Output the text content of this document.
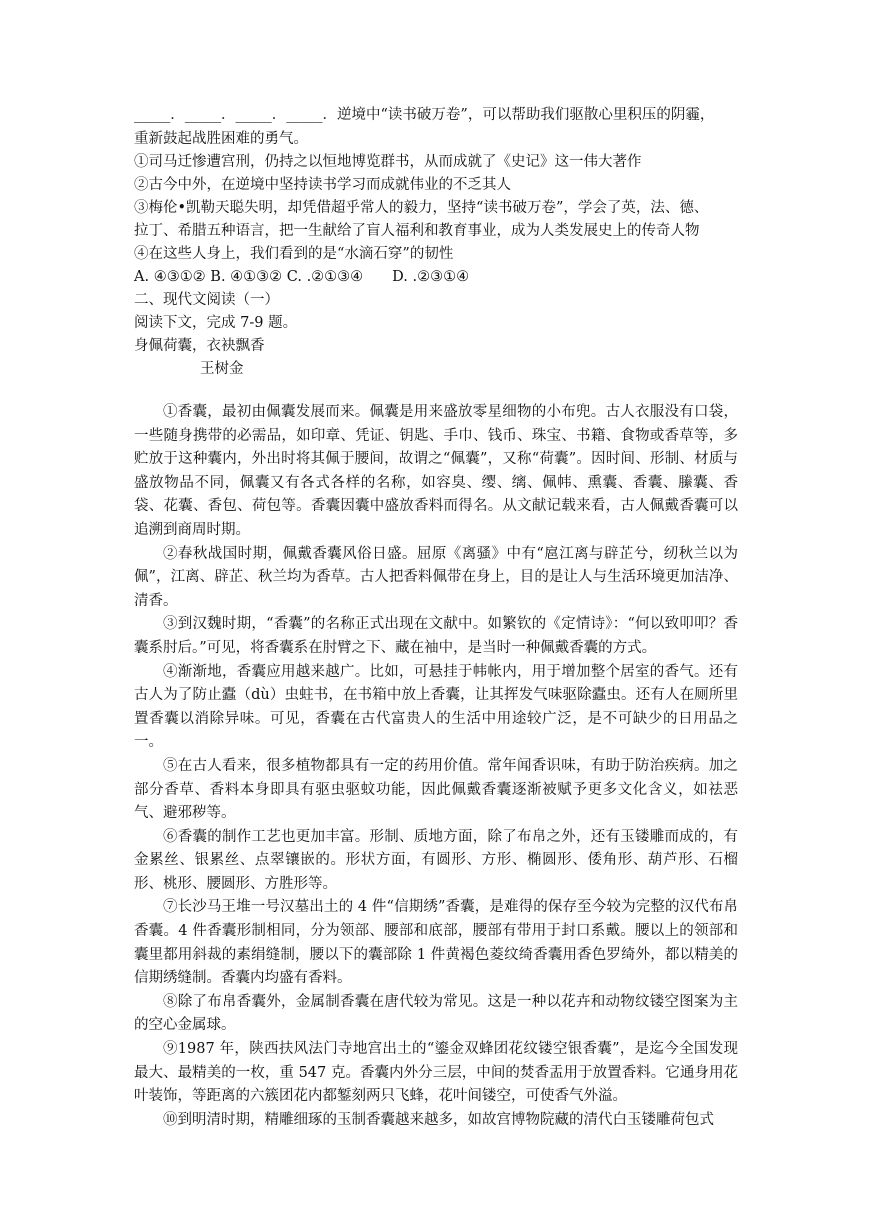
_____．_____．_____．_____．逆境中“读书破万卷”，可以帮助我们驱散心里积压的阴霾，
重新鼓起战胜困难的勇气。
①司马迁惨遭宫刑，仍持之以恒地博览群书，从而成就了《史记》这一伟大著作
②古今中外，在逆境中坚持读书学习而成就伟业的不乏其人
③梅伦•凯勒天聪失明，却凭借超乎常人的毅力，坚持“读书破万卷”，学会了英，法、德、
拉丁、希腊五种语言，把一生献给了盲人福利和教育事业，成为人类发展史上的传奇人物
④在这些人身上，我们看到的是“水滴石穿”的韧性
A. ④③①② B. ④①③② C. .②①③④　　D. .②③①④
二、现代文阅读（一）
阅读下文，完成 7-9 题。
身佩荷囊，衣袂飘香
王树金

①香囊，最初由佩囊发展而来。佩囊是用来盛放零星细物的小布兜。古人衣服没有口袋，一些随身携带的必需品，如印章、凭证、钥匙、手巾、钱币、珠宝、书籍、食物或香草等，多贮放于这种囊内，外出时将其佩于腰间，故谓之“佩囊”，又称“荷囊”。因时间、形制、材质与盛放物品不同，佩囊又有各式各样的名称，如容臭、缨、缡、佩帏、熏囊、香囊、縢囊、香袋、花囊、香包、荷包等。香囊因囊中盛放香料而得名。从文献记载来看，古人佩戴香囊可以追溯到商周时期。

②春秋战国时期，佩戴香囊风俗日盛。屈原《离骚》中有“扈江离与辟芷兮，纫秋兰以为佩”，江离、辟芷、秋兰均为香草。古人把香料佩带在身上，目的是让人与生活环境更加洁净、清香。

③到汉魏时期，“香囊”的名称正式出现在文献中。如繁钦的《定情诗》：“何以致叩叩？香囊系肘后。”可见，将香囊系在肘臂之下、藏在袖中，是当时一种佩戴香囊的方式。

④渐渐地，香囊应用越来越广。比如，可悬挂于帏帐内，用于增加整个居室的香气。还有古人为了防止蠹（dù）虫蛀书，在书箱中放上香囊，让其挥发气味驱除蠹虫。还有人在厕所里置香囊以消除异味。可见，香囊在古代富贵人的生活中用途较广泛，是不可缺少的日用品之一。

⑤在古人看来，很多植物都具有一定的药用价值。常年闻香识味，有助于防治疾病。加之部分香草、香料本身即具有驱虫驱蚊功能，因此佩戴香囊逐渐被赋予更多文化含义，如祛恶气、避邪秽等。

⑥香囊的制作工艺也更加丰富。形制、质地方面，除了布帛之外，还有玉镂雕而成的，有金累丝、银累丝、点翠镶嵌的。形状方面，有圆形、方形、椭圆形、倭角形、葫芦形、石榴形、桃形、腰圆形、方胜形等。

⑦长沙马王堆一号汉墓出土的 4 件“信期绣”香囊，是难得的保存至今较为完整的汉代布帛香囊。4 件香囊形制相同，分为领部、腰部和底部，腰部有带用于封口系戴。腰以上的领部和囊里都用斜裁的素绢缝制，腰以下的囊部除 1 件黄褐色菱纹绮香囊用香色罗绮外，都以精美的信期绣缝制。香囊内均盛有香料。

⑧除了布帛香囊外，金属制香囊在唐代较为常见。这是一种以花卉和动物纹镂空图案为主的空心金属球。

⑨1987 年，陕西扶风法门寺地宫出土的“鎏金双蜂团花纹镂空银香囊”，是迄今全国发现最大、最精美的一枚，重 547 克。香囊内外分三层，中间的焚香盂用于放置香料。它通身用花叶装饰，等距离的六簇团花内都錾刻两只飞蜂，花叶间镂空，可使香气外溢。

⑩到明清时期，精雕细琢的玉制香囊越来越多，如故宫博物院藏的清代白玉镂雕荷包式
